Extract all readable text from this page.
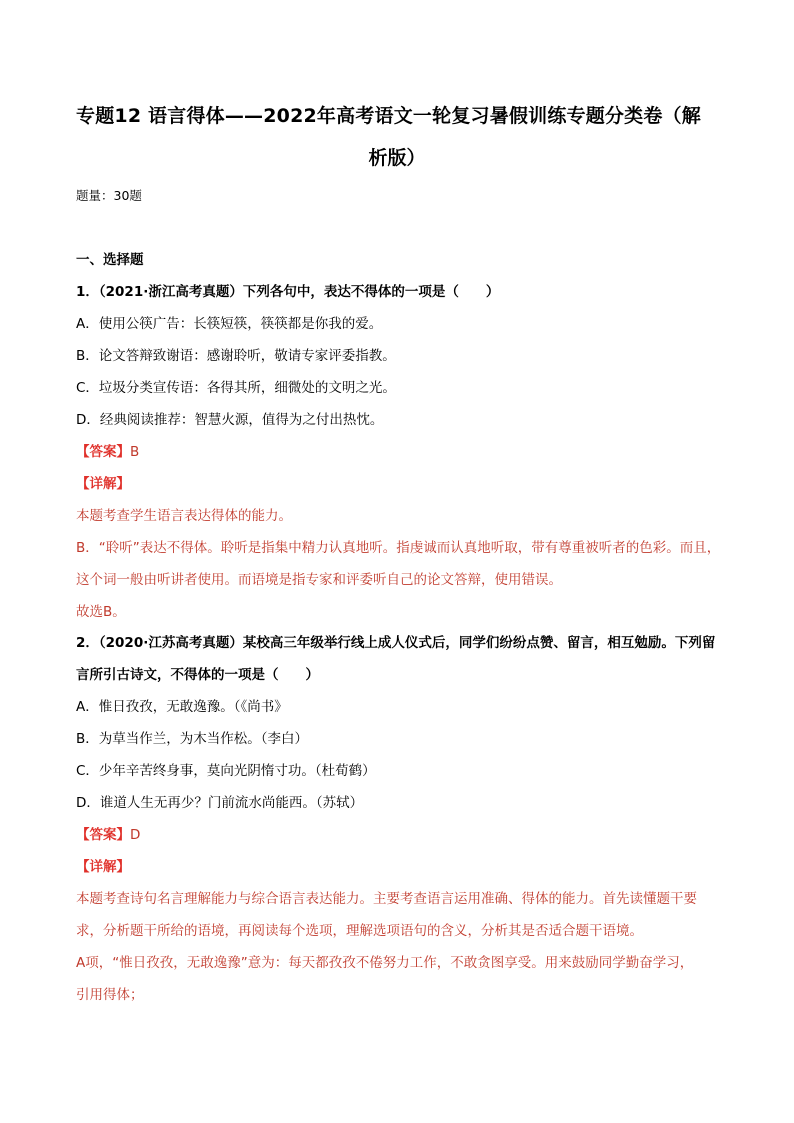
专题12 语言得体——2022年高考语文一轮复习暑假训练专题分类卷（解
析版）
题量：30题
一、选择题
1．（2021·浙江高考真题）下列各句中，表达不得体的一项是（　　）
A．使用公筷广告：长筷短筷，筷筷都是你我的爱。
B．论文答辩致谢语：感谢聆听，敬请专家评委指教。
C．垃圾分类宣传语：各得其所，细微处的文明之光。
D．经典阅读推荐：智慧火源，值得为之付出热忱。
【答案】B
【详解】
本题考查学生语言表达得体的能力。
B．“聆听”表达不得体。聆听是指集中精力认真地听。指虔诚而认真地听取，带有尊重被听者的色彩。而且，
这个词一般由听讲者使用。而语境是指专家和评委听自己的论文答辩，使用错误。
故选B。
2．（2020·江苏高考真题）某校高三年级举行线上成人仪式后，同学们纷纷点赞、留言，相互勉励。下列留
言所引古诗文，不得体的一项是（　　）
A．惟日孜孜，无敢逸豫。（《尚书》
B．为草当作兰，为木当作松。（李白）
C．少年辛苦终身事，莫向光阴惰寸功。（杜荀鹤）
D．谁道人生无再少？门前流水尚能西。（苏轼）
【答案】D
【详解】
本题考查诗句名言理解能力与综合语言表达能力。主要考查语言运用准确、得体的能力。首先读懂题干要
求，分析题干所给的语境，再阅读每个选项，理解选项语句的含义，分析其是否适合题干语境。
A项，“惟日孜孜，无敢逸豫”意为：每天都孜孜不倦努力工作，不敢贪图享受。用来鼓励同学勤奋学习，
引用得体；
